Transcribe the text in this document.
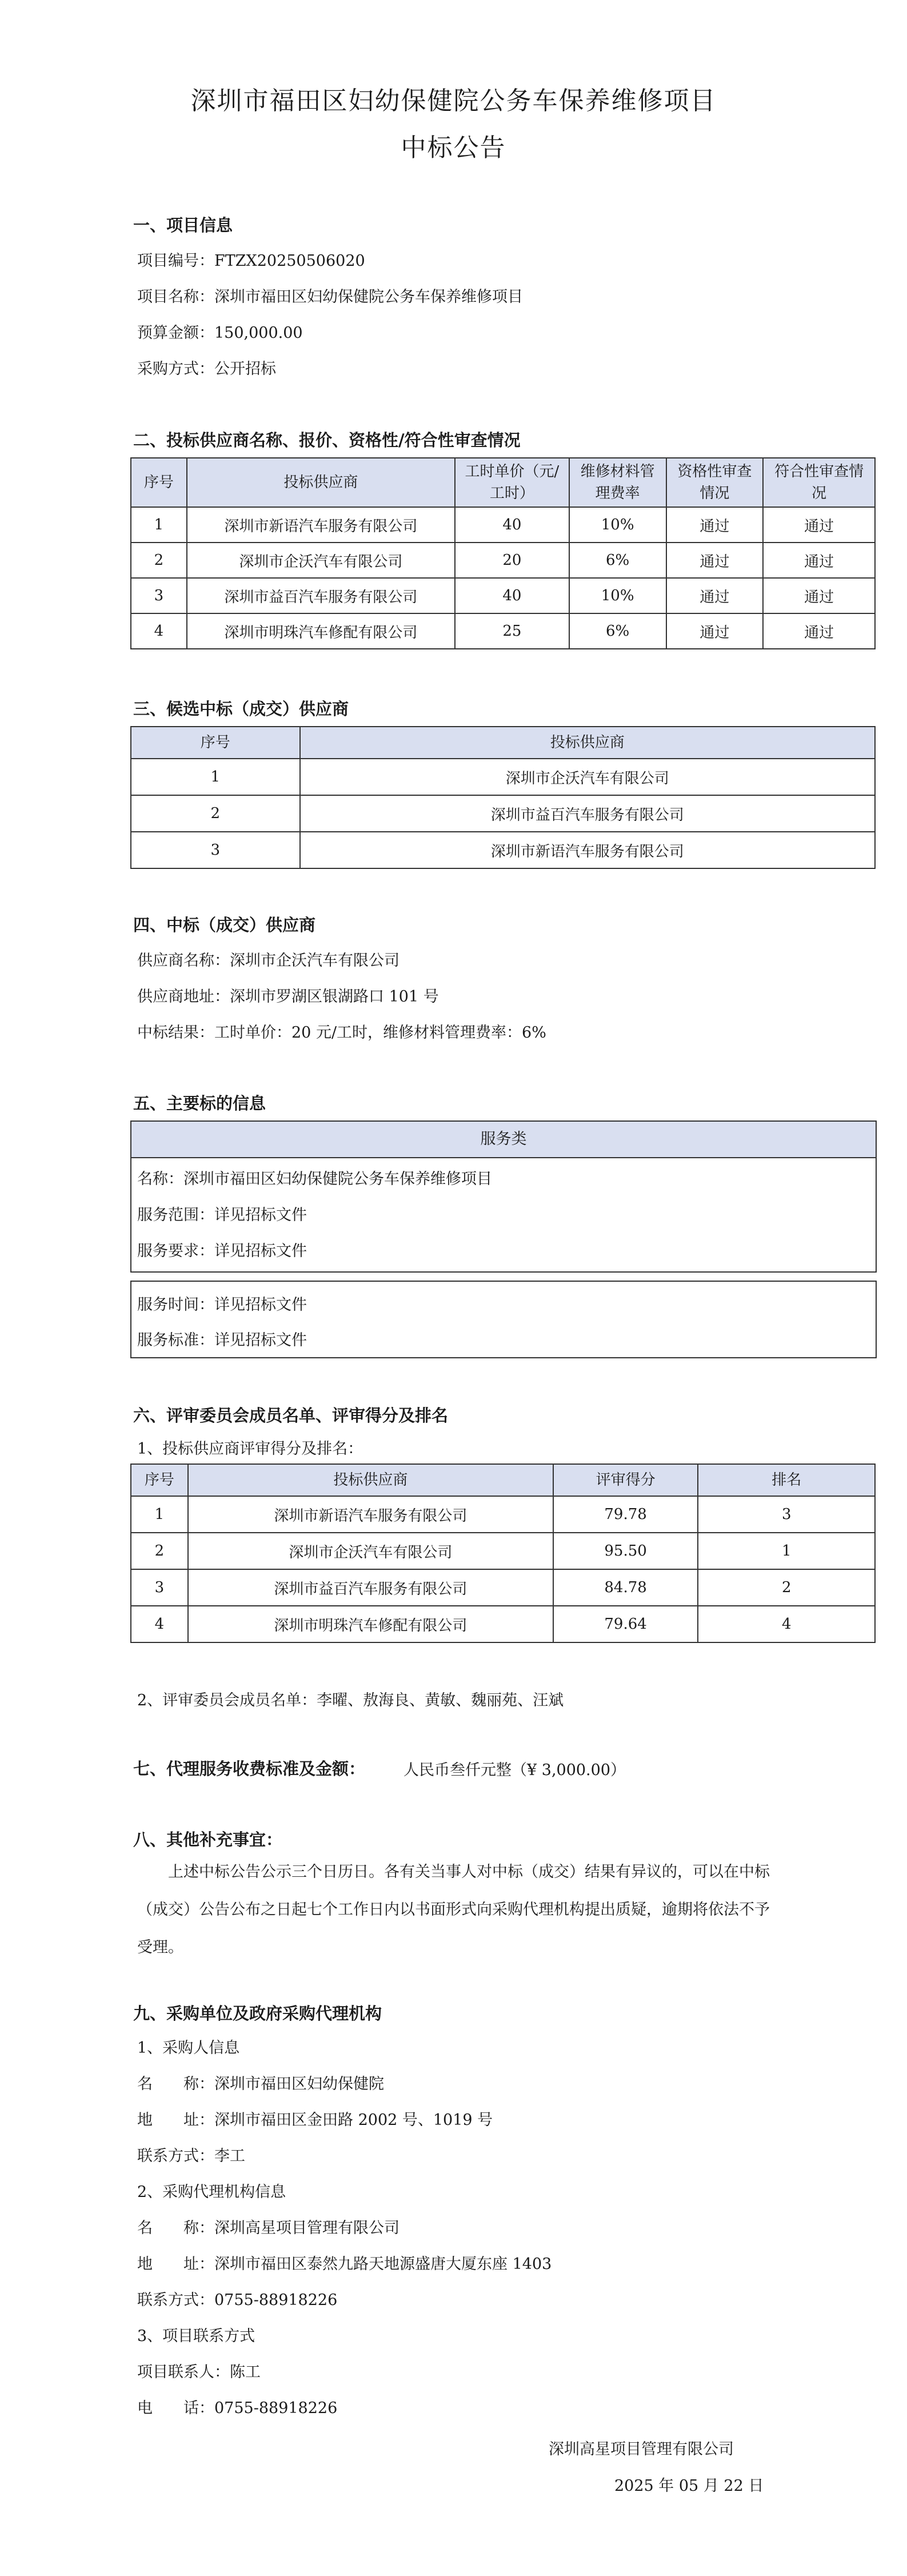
深圳市福田区妇幼保健院公务车保养维修项目
中标公告
一、项目信息
项目编号：FTZX20250506020
项目名称：深圳市福田区妇幼保健院公务车保养维修项目
预算金额：150,000.00
采购方式：公开招标
二、投标供应商名称、报价、资格性/符合性审查情况
序号	投标供应商	工时单价（元/工时）	维修材料管理费率	资格性审查情况	符合性审查情况
1	深圳市新语汽车服务有限公司	40	10%	通过	通过
2	深圳市企沃汽车有限公司	20	6%	通过	通过
3	深圳市益百汽车服务有限公司	40	10%	通过	通过
4	深圳市明珠汽车修配有限公司	25	6%	通过	通过
三、候选中标（成交）供应商
序号	投标供应商
1	深圳市企沃汽车有限公司
2	深圳市益百汽车服务有限公司
3	深圳市新语汽车服务有限公司
四、中标（成交）供应商
供应商名称：深圳市企沃汽车有限公司
供应商地址：深圳市罗湖区银湖路口 101 号
中标结果：工时单价：20 元/工时，维修材料管理费率：6%
五、主要标的信息
服务类
名称：深圳市福田区妇幼保健院公务车保养维修项目
服务范围：详见招标文件
服务要求：详见招标文件
服务时间：详见招标文件
服务标准：详见招标文件
六、评审委员会成员名单、评审得分及排名
1、投标供应商评审得分及排名：
序号	投标供应商	评审得分	排名
1	深圳市新语汽车服务有限公司	79.78	3
2	深圳市企沃汽车有限公司	95.50	1
3	深圳市益百汽车服务有限公司	84.78	2
4	深圳市明珠汽车修配有限公司	79.64	4
2、评审委员会成员名单：李曜、敖海良、黄敏、魏丽苑、汪斌
七、代理服务收费标准及金额： 人民币叁仟元整（¥ 3,000.00）
八、其他补充事宜：
上述中标公告公示三个日历日。各有关当事人对中标（成交）结果有异议的，可以在中标（成交）公告公布之日起七个工作日内以书面形式向采购代理机构提出质疑，逾期将依法不予受理。
九、采购单位及政府采购代理机构
1、采购人信息
名　　称：深圳市福田区妇幼保健院
地　　址：深圳市福田区金田路 2002 号、1019 号
联系方式：李工
2、采购代理机构信息
名　　称：深圳高星项目管理有限公司
地　　址：深圳市福田区泰然九路天地源盛唐大厦东座 1403
联系方式：0755-88918226
3、项目联系方式
项目联系人：陈工
电　　话：0755-88918226
深圳高星项目管理有限公司
2025 年 05 月 22 日
